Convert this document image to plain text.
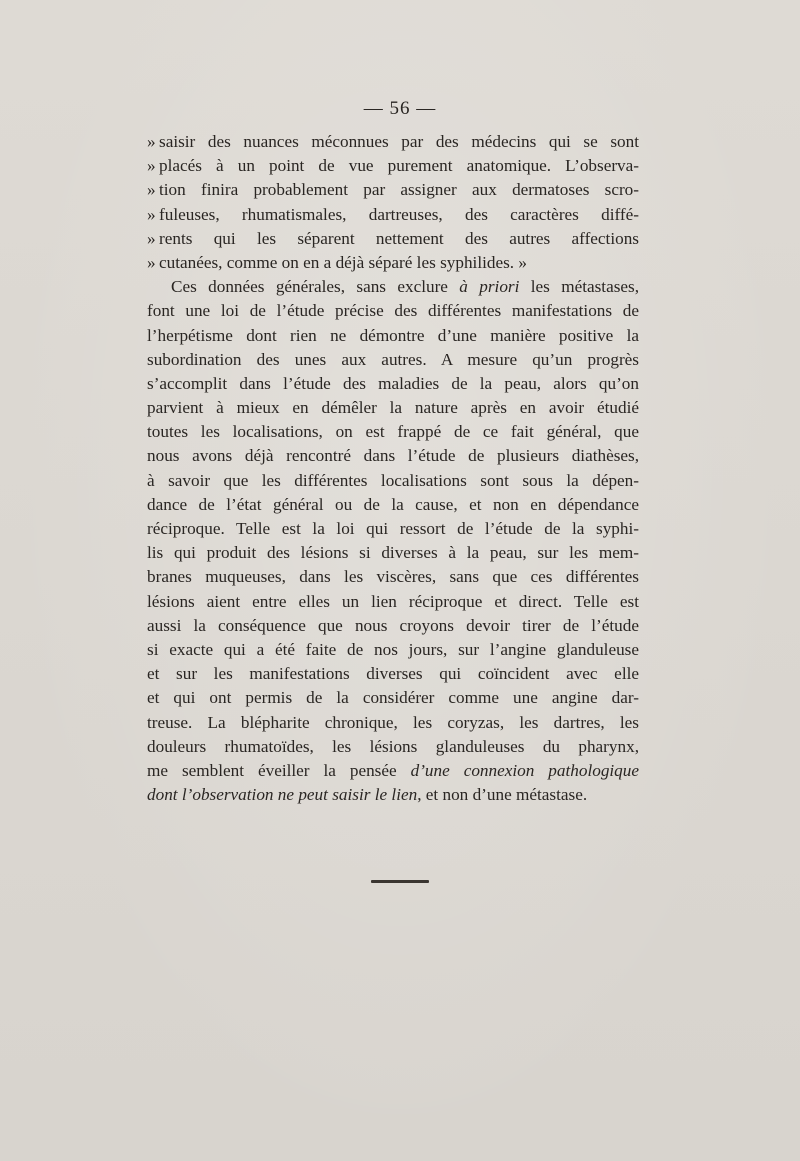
— 56 —
» saisir des nuances méconnues par des médecins qui se sont
» placés à un point de vue purement anatomique. L’observa-
» tion finira probablement par assigner aux dermatoses scro-
» fuleuses, rhumatismales, dartreuses, des caractères diffé-
» rents qui les séparent nettement des autres affections
» cutanées, comme on en a déjà séparé les syphilides. »
Ces données générales, sans exclure à priori les métastases,
font une loi de l’étude précise des différentes manifestations de
l’herpétisme dont rien ne démontre d’une manière positive la
subordination des unes aux autres. A mesure qu’un progrès
s’accomplit dans l’étude des maladies de la peau, alors qu’on
parvient à mieux en démêler la nature après en avoir étudié
toutes les localisations, on est frappé de ce fait général, que
nous avons déjà rencontré dans l’étude de plusieurs diathèses,
à savoir que les différentes localisations sont sous la dépen-
dance de l’état général ou de la cause, et non en dépendance
réciproque. Telle est la loi qui ressort de l’étude de la syphi-
lis qui produit des lésions si diverses à la peau, sur les mem-
branes muqueuses, dans les viscères, sans que ces différentes
lésions aient entre elles un lien réciproque et direct. Telle est
aussi la conséquence que nous croyons devoir tirer de l’étude
si exacte qui a été faite de nos jours, sur l’angine glanduleuse
et sur les manifestations diverses qui coïncident avec elle
et qui ont permis de la considérer comme une angine dar-
treuse. La blépharite chronique, les coryzas, les dartres, les
douleurs rhumatoïdes, les lésions glanduleuses du pharynx,
me semblent éveiller la pensée d’une connexion pathologique
dont l’observation ne peut saisir le lien, et non d’une métastase.
